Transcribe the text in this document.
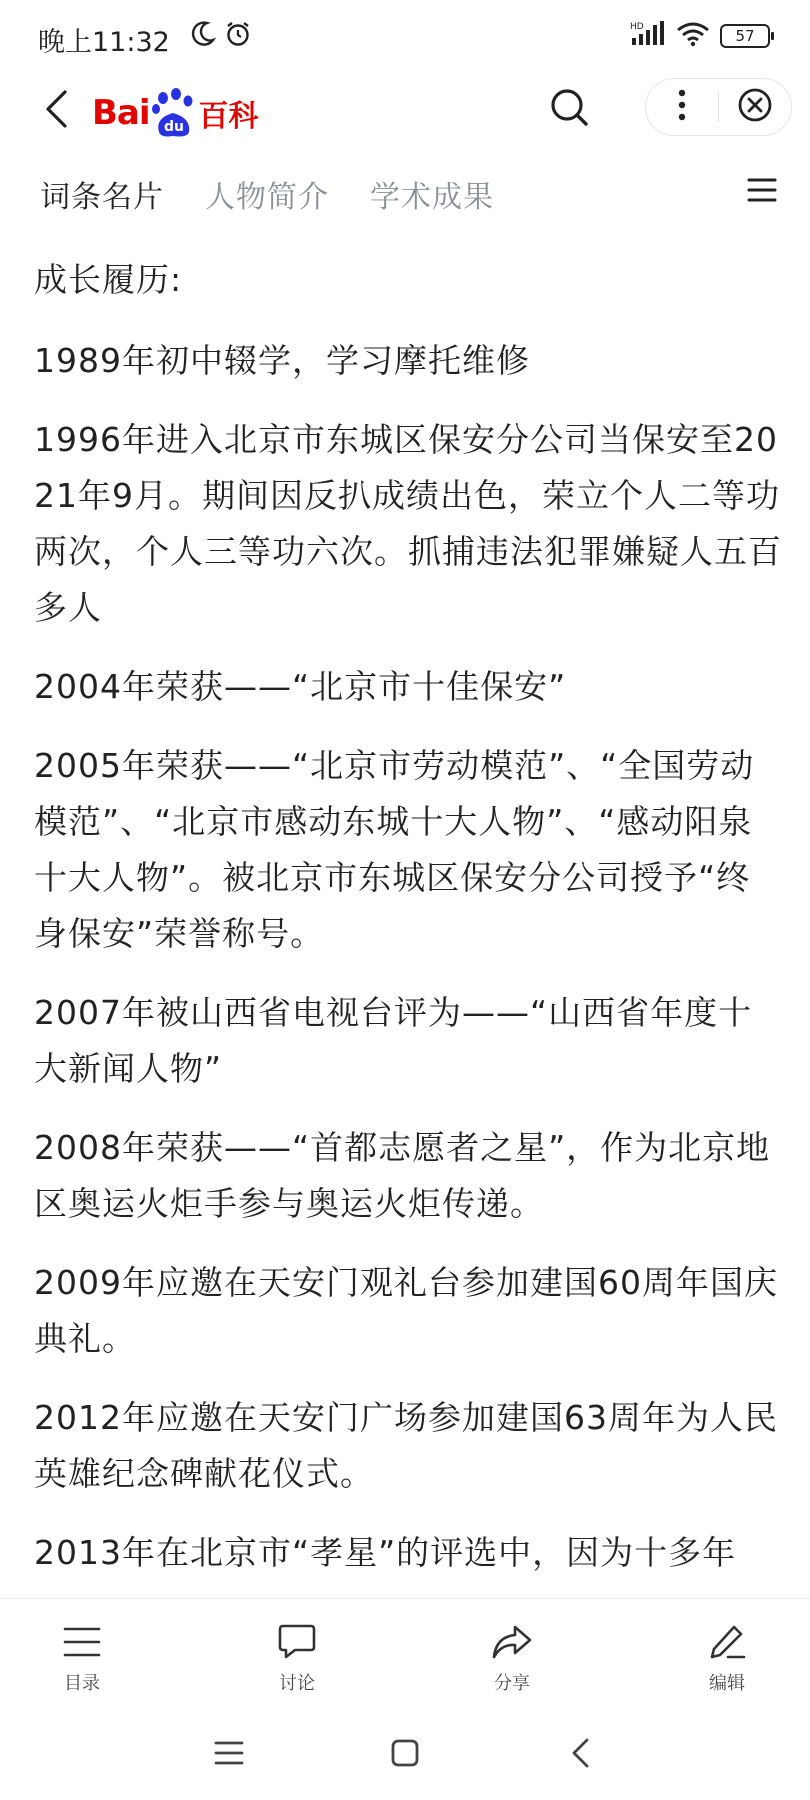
晚上11:32	HD	57
Bai du 百科
词条名片 人物简介 学术成果

成长履历:

1989年初中辍学，学习摩托维修

1996年进入北京市东城区保安分公司当保安至2021年9月。期间因反扒成绩出色，荣立个人二等功两次，个人三等功六次。抓捕违法犯罪嫌疑人五百多人

2004年荣获——“北京市十佳保安”

2005年荣获——“北京市劳动模范”、“全国劳动模范”、“北京市感动东城十大人物”、“感动阳泉十大人物”。被北京市东城区保安分公司授予“终身保安”荣誉称号。

2007年被山西省电视台评为——“山西省年度十大新闻人物”

2008年荣获——“首都志愿者之星”，作为北京地区奥运火炬手参与奥运火炬传递。

2009年应邀在天安门观礼台参加建国60周年国庆典礼。

2012年应邀在天安门广场参加建国63周年为人民英雄纪念碑献花仪式。

2013年在北京市“孝星”的评选中，因为十多年

目录	讨论	分享	编辑
